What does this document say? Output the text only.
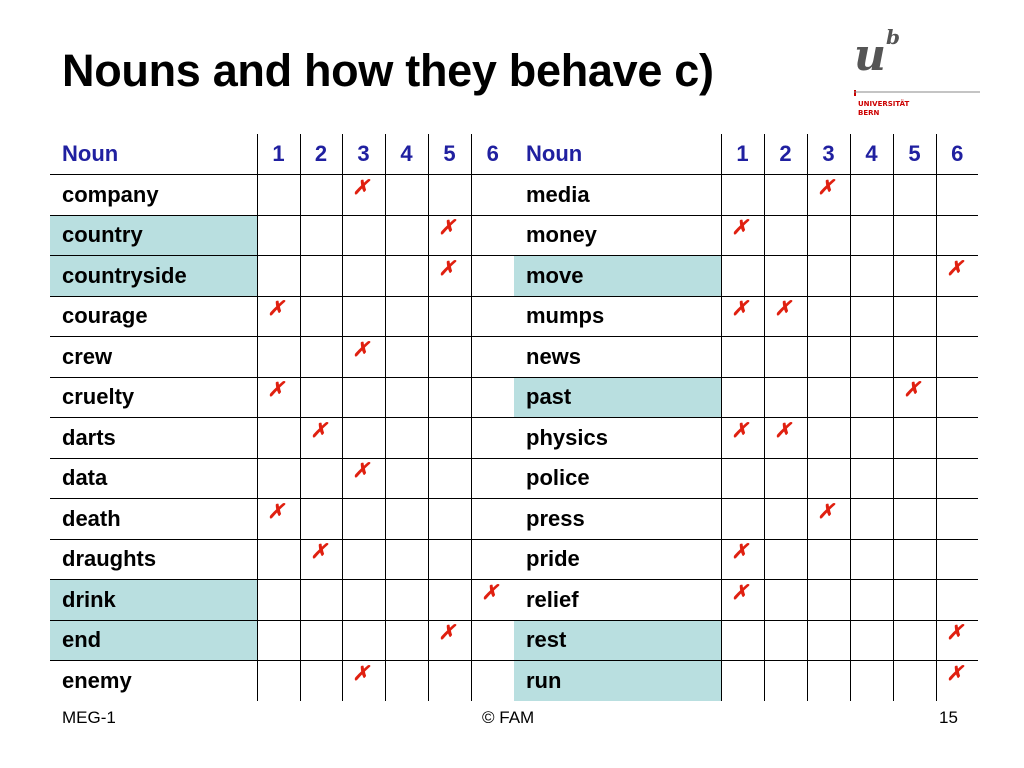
Nouns and how they behave c)	u b
UNIVERSITÄT
BERN
Noun	1	2	3	4	5	6	Noun	1	2	3	4	5	6
company			✗				media			✗			
country					✗		money	✗					
countryside					✗		move						✗
courage	✗						mumps	✗	✗				
crew			✗				news						
cruelty	✗						past					✗	
darts		✗					physics	✗	✗				
data			✗				police						
death	✗						press			✗			
draughts		✗					pride	✗					
drink						✗	relief	✗					
end					✗		rest						✗
enemy			✗				run						✗
MEG-1	© FAM	15
